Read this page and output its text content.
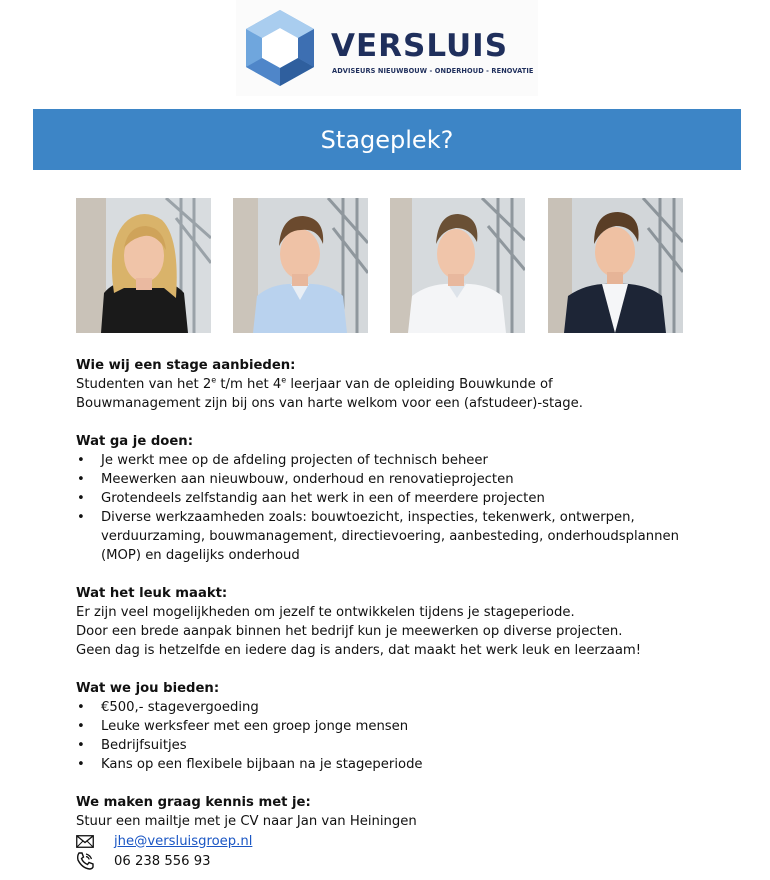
VERSLUIS
ADVISEURS NIEUWBOUW - ONDERHOUD - RENOVATIE
Stageplek?
Wie wij een stage aanbieden:
Studenten van het 2e t/m het 4e leerjaar van de opleiding Bouwkunde of
Bouwmanagement zijn bij ons van harte welkom voor een (afstudeer)-stage.
Wat ga je doen:
• Je werkt mee op de afdeling projecten of technisch beheer
• Meewerken aan nieuwbouw, onderhoud en renovatieprojecten
• Grotendeels zelfstandig aan het werk in een of meerdere projecten
• Diverse werkzaamheden zoals: bouwtoezicht, inspecties, tekenwerk, ontwerpen, verduurzaming, bouwmanagement, directievoering, aanbesteding, onderhoudsplannen (MOP) en dagelijks onderhoud
Wat het leuk maakt:
Er zijn veel mogelijkheden om jezelf te ontwikkelen tijdens je stageperiode.
Door een brede aanpak binnen het bedrijf kun je meewerken op diverse projecten.
Geen dag is hetzelfde en iedere dag is anders, dat maakt het werk leuk en leerzaam!
Wat we jou bieden:
• €500,- stagevergoeding
• Leuke werksfeer met een groep jonge mensen
• Bedrijfsuitjes
• Kans op een flexibele bijbaan na je stageperiode
We maken graag kennis met je:
Stuur een mailtje met je CV naar Jan van Heiningen
jhe@versluisgroep.nl
06 238 556 93
